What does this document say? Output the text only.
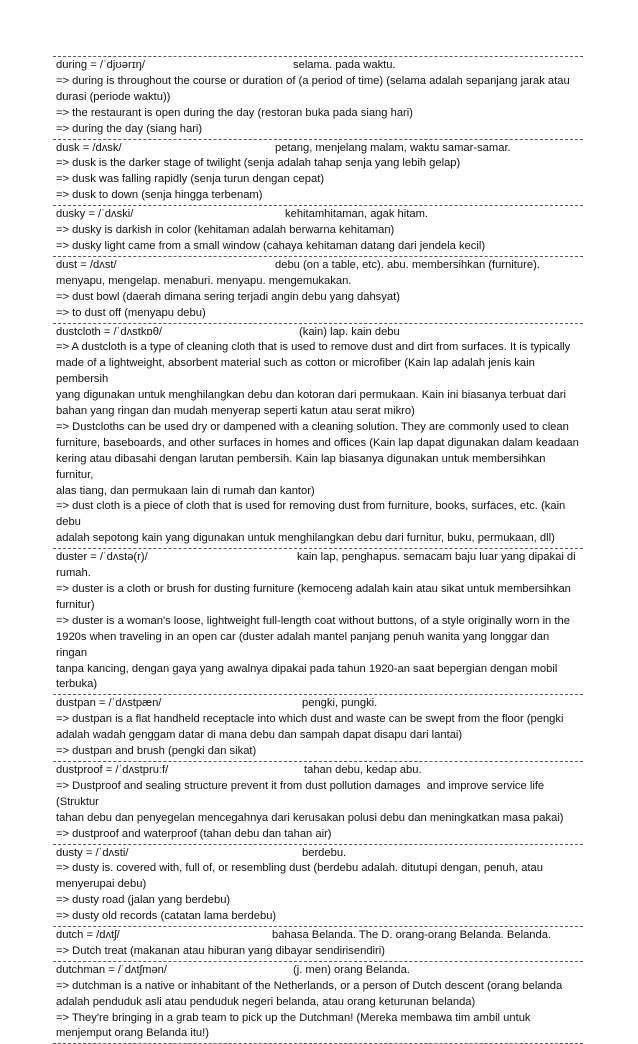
during = /ˈdjʊərɪŋ/	selama. pada waktu.
=> during is throughout the course or duration of (a period of time) (selama adalah sepanjang jarak atau
durasi (periode waktu))
=> the restaurant is open during the day (restoran buka pada siang hari)
=> during the day (siang hari)
dusk = /dʌsk/	petang, menjelang malam, waktu samar-samar.
=> dusk is the darker stage of twilight (senja adalah tahap senja yang lebih gelap)
=> dusk was falling rapidly (senja turun dengan cepat)
=> dusk to down (senja hingga terbenam)
dusky = /ˈdʌski/	kehitamhitaman, agak hitam.
=> dusky is darkish in color (kehitaman adalah berwarna kehitaman)
=> dusky light came from a small window (cahaya kehitaman datang dari jendela kecil)
dust = /dʌst/	debu (on a table, etc). abu. membersihkan (furniture).
menyapu, mengelap. menaburi. menyapu. mengemukakan.
=> dust bowl (daerah dimana sering terjadi angin debu yang dahsyat)
=> to dust off (menyapu debu)
dustcloth = /ˈdʌstkɒθ/	(kain) lap. kain debu
=> A dustcloth is a type of cleaning cloth that is used to remove dust and dirt from surfaces. It is typically
made of a lightweight, absorbent material such as cotton or microfiber (Kain lap adalah jenis kain pembersih
yang digunakan untuk menghilangkan debu dan kotoran dari permukaan. Kain ini biasanya terbuat dari
bahan yang ringan dan mudah menyerap seperti katun atau serat mikro)
=> Dustcloths can be used dry or dampened with a cleaning solution. They are commonly used to clean
furniture, baseboards, and other surfaces in homes and offices (Kain lap dapat digunakan dalam keadaan
kering atau dibasahi dengan larutan pembersih. Kain lap biasanya digunakan untuk membersihkan furnitur,
alas tiang, dan permukaan lain di rumah dan kantor)
=> dust cloth is a piece of cloth that is used for removing dust from furniture, books, surfaces, etc. (kain debu
adalah sepotong kain yang digunakan untuk menghilangkan debu dari furnitur, buku, permukaan, dll)
duster = /ˈdʌstə(r)/	kain lap, penghapus. semacam baju luar yang dipakai di
rumah.
=> duster is a cloth or brush for dusting furniture (kemoceng adalah kain atau sikat untuk membersihkan
furnitur)
=> duster is a woman's loose, lightweight full-length coat without buttons, of a style originally worn in the
1920s when traveling in an open car (duster adalah mantel panjang penuh wanita yang longgar dan ringan
tanpa kancing, dengan gaya yang awalnya dipakai pada tahun 1920-an saat bepergian dengan mobil terbuka)
dustpan = /ˈdʌstpæn/	pengki, pungki.
=> dustpan is a flat handheld receptacle into which dust and waste can be swept from the floor (pengki
adalah wadah genggam datar di mana debu dan sampah dapat disapu dari lantai)
=> dustpan and brush (pengki dan sikat)
dustproof = /ˈdʌstpruːf/	tahan debu, kedap abu.
=> Dustproof and sealing structure prevent it from dust pollution damages  and improve service life (Struktur
tahan debu dan penyegelan mencegahnya dari kerusakan polusi debu dan meningkatkan masa pakai)
=> dustproof and waterproof (tahan debu dan tahan air)
dusty = /ˈdʌsti/	berdebu.
=> dusty is. covered with, full of, or resembling dust (berdebu adalah. ditutupi dengan, penuh, atau
menyerupai debu)
=> dusty road (jalan yang berdebu)
=> dusty old records (catatan lama berdebu)
dutch = /dʌtʃ/	bahasa Belanda. The D. orang-orang Belanda. Belanda.
=> Dutch treat (makanan atau hiburan yang dibayar sendirisendiri)
dutchman = /ˈdʌtʃmən/	(j. men) orang Belanda.
=> dutchman is a native or inhabitant of the Netherlands, or a person of Dutch descent (orang belanda
adalah penduduk asli atau penduduk negeri belanda, atau orang keturunan belanda)
=> They're bringing in a grab team to pick up the Dutchman! (Mereka membawa tim ambil untuk
menjemput orang Belanda itu!)
